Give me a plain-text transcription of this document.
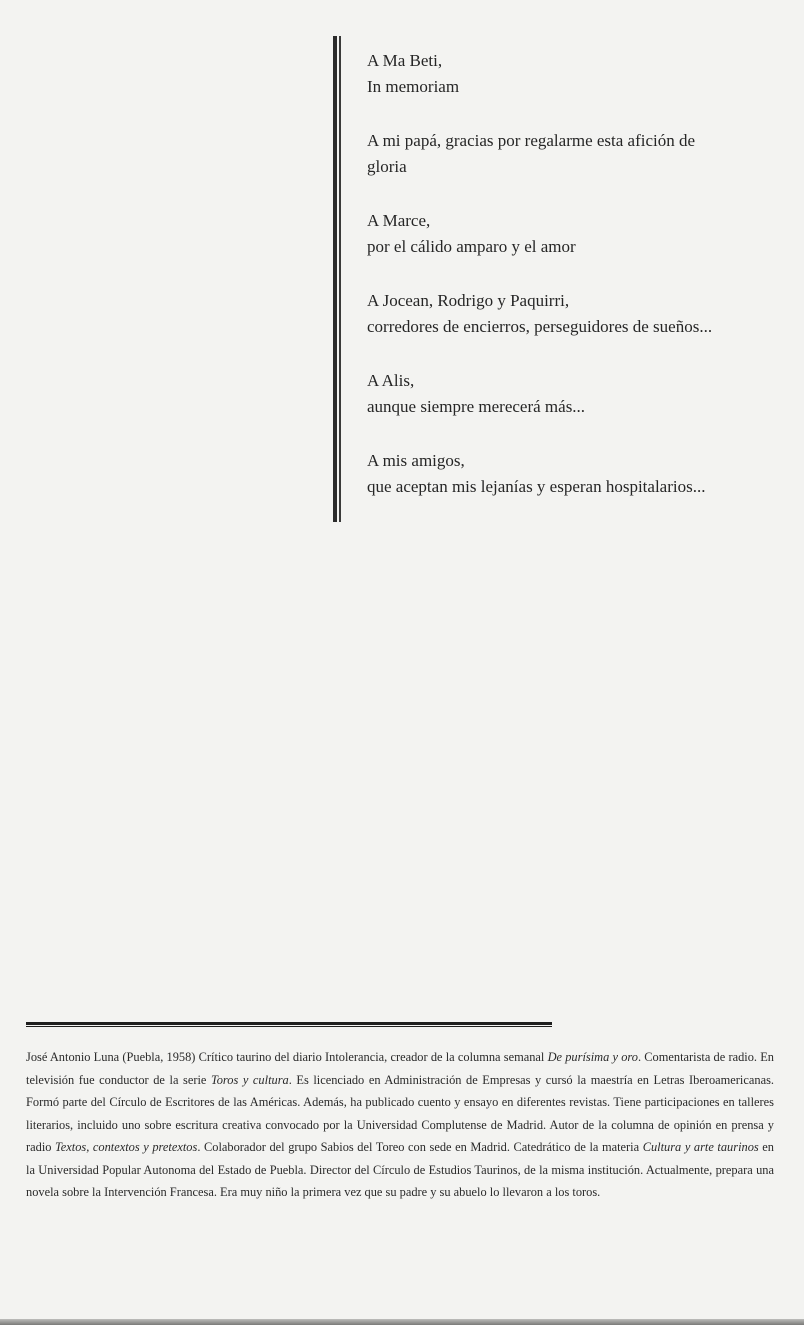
A Ma Beti,
In memoriam
A mi papá, gracias por regalarme esta afición de
gloria
A Marce,
por el cálido amparo y el amor
A Jocean, Rodrigo y Paquirri,
corredores de encierros, perseguidores de sueños...
A Alis,
aunque siempre merecerá más...
A mis amigos,
que aceptan mis lejanías y esperan hospitalarios...
José Antonio Luna (Puebla, 1958) Crítico taurino del diario Intolerancia, creador de la columna semanal De purísima y oro. Comentarista de radio. En televisión fue conductor de la serie Toros y cultura. Es licenciado en Administración de Empresas y cursó la maestría en Letras Iberoamericanas. Formó parte del Círculo de Escritores de las Américas. Además, ha publicado cuento y ensayo en diferentes revistas. Tiene participaciones en talleres literarios, incluido uno sobre escritura creativa convocado por la Universidad Complutense de Madrid. Autor de la columna de opinión en prensa y radio Textos, contextos y pretextos. Colaborador del grupo Sabios del Toreo con sede en Madrid. Catedrático de la materia Cultura y arte taurinos en la Universidad Popular Autonoma del Estado de Puebla. Director del Círculo de Estudios Taurinos, de la misma institución. Actualmente, prepara una novela sobre la Intervención Francesa. Era muy niño la primera vez que su padre y su abuelo lo llevaron a los toros.
